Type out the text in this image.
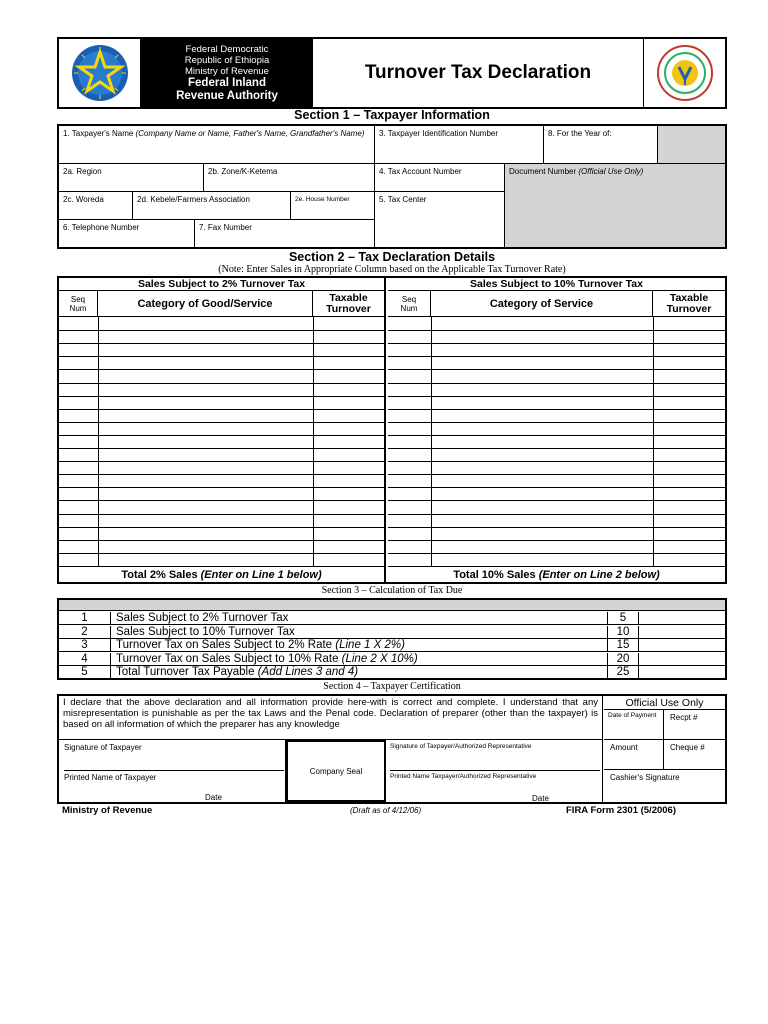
Federal Democratic
Republic of Ethiopia
Ministry of Revenue
Federal Inland
Revenue Authority
Turnover Tax Declaration
Section 1 – Taxpayer Information
1. Taxpayer's Name (Company Name or Name, Father's Name, Grandfather's Name)	3. Taxpayer Identification Number	8. For the Year of:
2a. Region	2b. Zone/K-Ketema	4. Tax Account Number	Document Number (Official Use Only)
2c. Woreda	2d. Kebele/Farmers Association	2e. House Number	5. Tax Center
6. Telephone Number	7. Fax Number
Section 2 – Tax Declaration Details
(Note: Enter Sales in Appropriate Column based on the Applicable Tax Turnover Rate)
Sales Subject to 2% Turnover Tax
Seq
Num	Category of Good/Service	Taxable
Turnover
Total 2% Sales (Enter on Line 1 below)
Sales Subject to 10% Turnover Tax
Seq
Num	Category of Service	Taxable
Turnover
Total 10% Sales (Enter on Line 2 below)
Section 3 – Calculation of Tax Due
1	Sales Subject to 2% Turnover Tax	5
2	Sales Subject to 10% Turnover Tax	10
3	Turnover Tax on Sales Subject to 2% Rate (Line 1 X 2%)	15
4	Turnover Tax on Sales Subject to 10% Rate (Line 2 X 10%)	20
5	Total Turnover Tax Payable (Add Lines 3 and 4)	25
Section 4 – Taxpayer Certification
I declare that the above declaration and all information provide here-with is correct and complete. I understand that any misrepresentation is punishable as per the tax Laws and the Penal code. Declaration of preparer (other than the taxpayer) is based on all information of which the preparer has any knowledge
Signature of Taxpayer
Printed Name of Taxpayer
Date
Company Seal
Signature of Taxpayer/Authorized Representative
Printed Name Taxpayer/Authorized Representative
Date
Official Use Only
Date of Payment	Recpt #
Amount	Cheque #
Cashier's Signature
Ministry of Revenue	(Draft as of 4/12/06)	FIRA Form 2301 (5/2006)
